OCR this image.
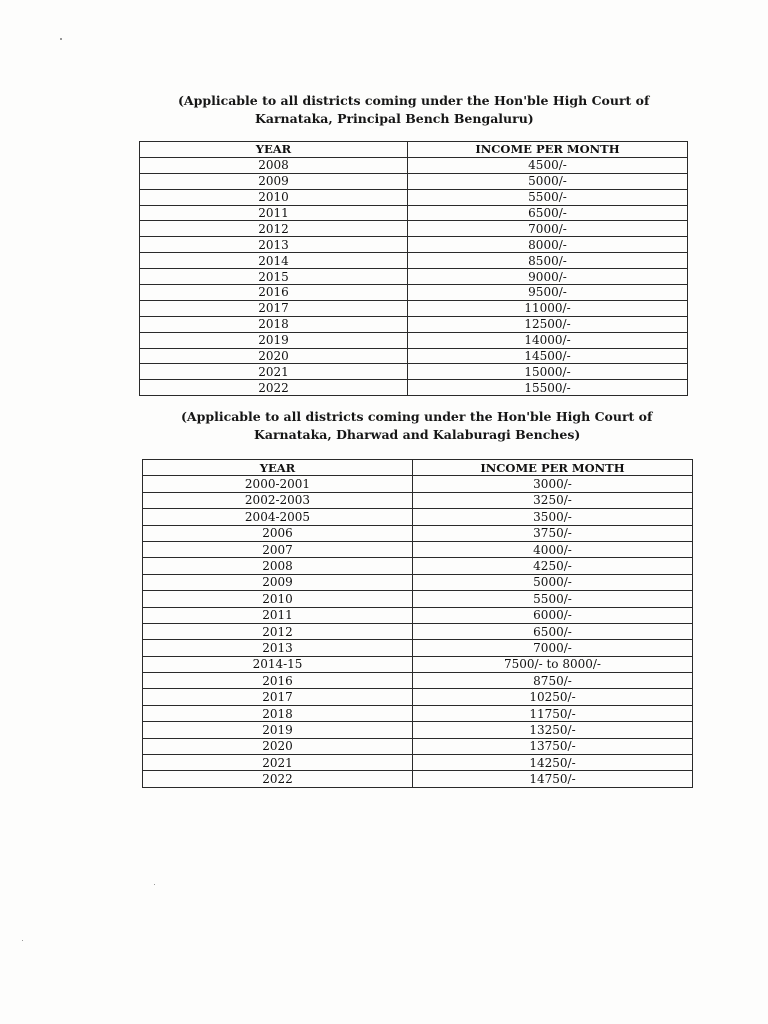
(Applicable to all districts coming under the Hon'ble High Court of
Karnataka, Principal Bench Bengaluru)
YEAR	INCOME PER MONTH
2008	4500/-
2009	5000/-
2010	5500/-
2011	6500/-
2012	7000/-
2013	8000/-
2014	8500/-
2015	9000/-
2016	9500/-
2017	11000/-
2018	12500/-
2019	14000/-
2020	14500/-
2021	15000/-
2022	15500/-
(Applicable to all districts coming under the Hon'ble High Court of
Karnataka, Dharwad and Kalaburagi Benches)
YEAR	INCOME PER MONTH
2000-2001	3000/-
2002-2003	3250/-
2004-2005	3500/-
2006	3750/-
2007	4000/-
2008	4250/-
2009	5000/-
2010	5500/-
2011	6000/-
2012	6500/-
2013	7000/-
2014-15	7500/- to 8000/-
2016	8750/-
2017	10250/-
2018	11750/-
2019	13250/-
2020	13750/-
2021	14250/-
2022	14750/-
